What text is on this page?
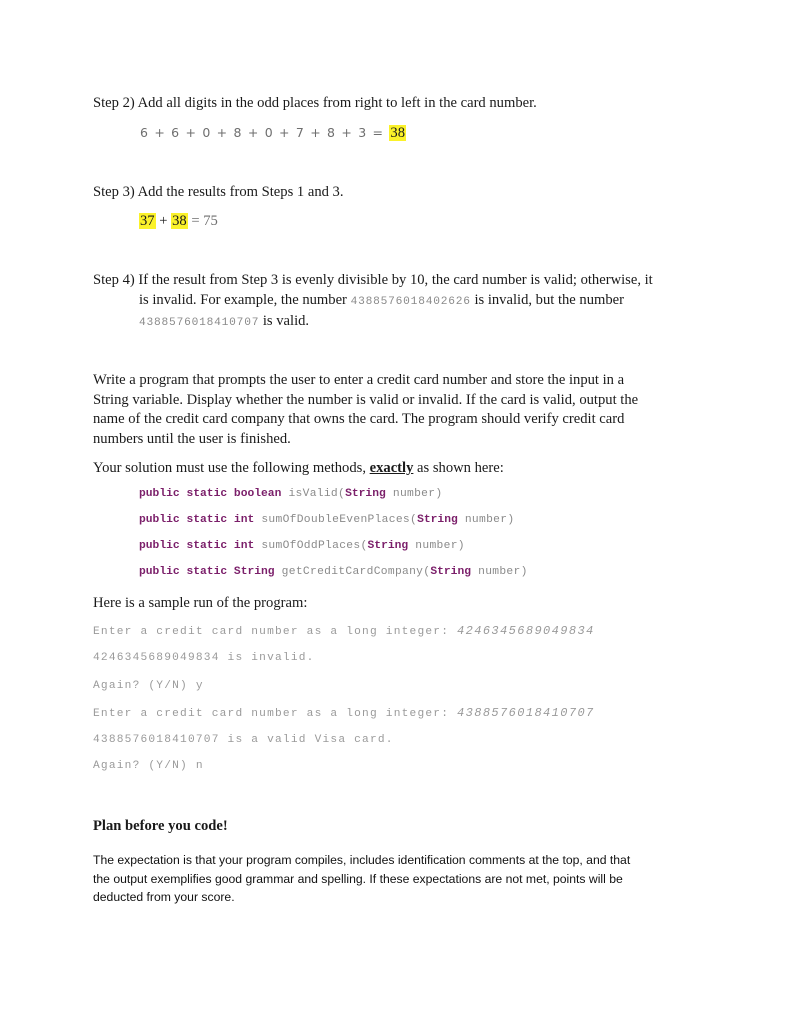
Step 2) Add all digits in the odd places from right to left in the card number.
6 + 6 + 0 + 8 + 0 + 7 + 8 + 3 = 38
Step 3) Add the results from Steps 1 and 3.
37 + 38 = 75
Step 4) If the result from Step 3 is evenly divisible by 10, the card number is valid; otherwise, it
is invalid. For example, the number 4388576018402626 is invalid, but the number
4388576018410707 is valid.
Write a program that prompts the user to enter a credit card number and store the input in a
String variable. Display whether the number is valid or invalid. If the card is valid, output the
name of the credit card company that owns the card. The program should verify credit card
numbers until the user is finished.
Your solution must use the following methods, exactly as shown here:
public static boolean isValid(String number)
public static int sumOfDoubleEvenPlaces(String number)
public static int sumOfOddPlaces(String number)
public static String getCreditCardCompany(String number)
Here is a sample run of the program:
Enter a credit card number as a long integer: 4246345689049834
4246345689049834 is invalid.
Again? (Y/N) y
Enter a credit card number as a long integer: 4388576018410707
4388576018410707 is a valid Visa card.
Again? (Y/N) n
Plan before you code!
The expectation is that your program compiles, includes identification comments at the top, and that
the output exemplifies good grammar and spelling. If these expectations are not met, points will be
deducted from your score.
